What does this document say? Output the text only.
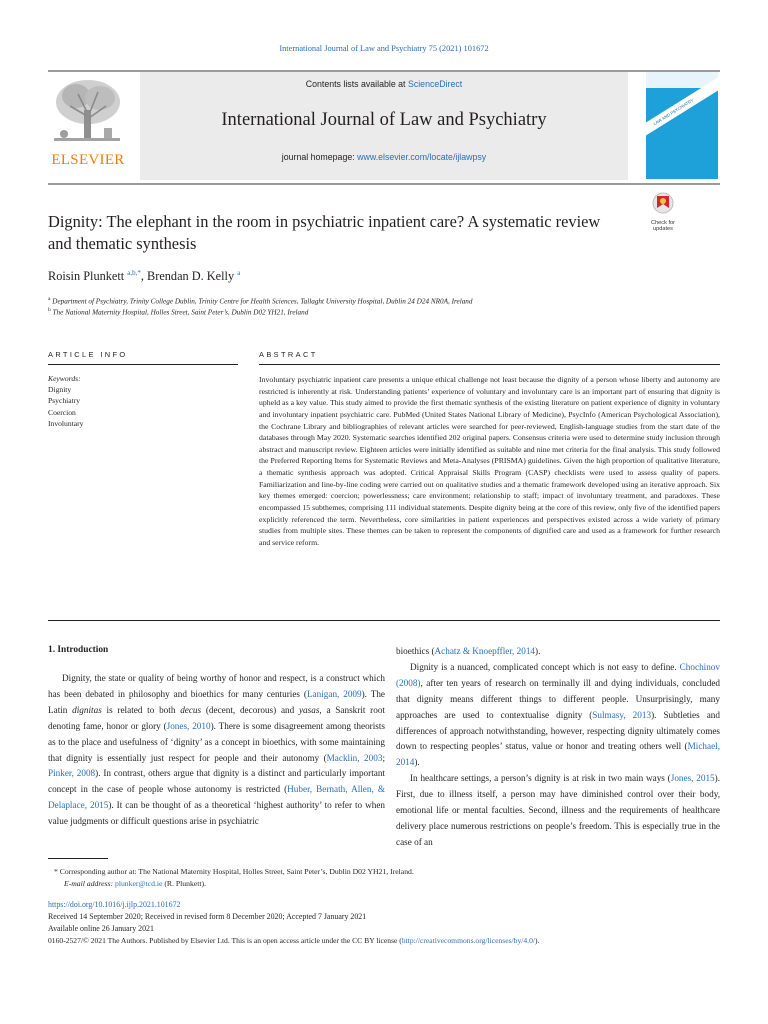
International Journal of Law and Psychiatry 75 (2021) 101672
ELSEVIER
Contents lists available at ScienceDirect
International Journal of Law and Psychiatry
journal homepage: www.elsevier.com/locate/ijlawpsy
LAW AND PSYCHIATRY
Dignity: The elephant in the room in psychiatric inpatient care? A systematic review and thematic synthesis
Check for
updates
Roisin Plunkett $^{a,b,*}$, Brendan D. Kelly $^a$
$^a$ Department of Psychiatry, Trinity College Dublin, Trinity Centre for Health Sciences, Tallaght University Hospital, Dublin 24 D24 NR0A, Ireland
$^b$ The National Maternity Hospital, Holles Street, Saint Peter’s, Dublin D02 YH21, Ireland
ARTICLE INFO	ABSTRACT
Keywords:
Dignity
Psychiatry
Coercion
Involuntary
Involuntary psychiatric inpatient care presents a unique ethical challenge not least because the dignity of a person whose liberty and autonomy are restricted is inherently at risk. Understanding patients’ experience of voluntary and involuntary care is an important part of ensuring that dignity is upheld as a key value. This study aimed to provide the first thematic synthesis of the existing literature on patient experience of dignity in voluntary and involuntary inpatient psychiatric care. PubMed (United States National Library of Medicine), PsycInfo (American Psychological Association), the Cochrane Library and bibliographies of relevant articles were searched for peer-reviewed, English-language studies from the start date of the databases through May 2020. Systematic searches identified 202 original papers. Consensus criteria were used to determine study inclusion through abstract and manuscript review. Eighteen articles were initially identified as suitable and nine met criteria for the final analysis. This study followed the Preferred Reporting Items for Systematic Reviews and Meta-Analyses (PRISMA) guidelines. Given the high proportion of qualitative literature, a thematic synthesis approach was adopted. Critical Appraisal Skills Program (CASP) checklists were used to assess quality of papers. Familiarization and line-by-line coding were carried out on qualitative studies and a thematic framework developed using an iterative approach. Six key themes emerged: coercion; powerlessness; care environment; relationship to staff; impact of involuntary treatment, and paradoxes. These encompassed 15 subthemes, comprising 111 individual statements. Despite dignity being at the core of this review, only five of the identified papers explicitly referenced the term. Nevertheless, core similarities in patient experiences and perspectives existed across a wide variety of primary studies from multiple sites. These themes can be taken to represent the components of dignified care and used as a framework for further research and service reform.
1. Introduction

Dignity, the state or quality of being worthy of honor and respect, is a construct which has been debated in philosophy and bioethics for many centuries (Lanigan, 2009). The Latin dignitas is related to both decus (decent, decorous) and yasas, a Sanskrit root denoting fame, honor or glory (Jones, 2010). There is some disagreement among theorists as to the place and usefulness of ‘dignity’ as a concept in bioethics, with some maintaining that dignity is essentially just respect for people and their autonomy (Macklin, 2003; Pinker, 2008). In contrast, others argue that dignity is a distinct and particularly important concept in the case of people whose autonomy is restricted (Huber, Bernath, Allen, & Delaplace, 2015). It can be thought of as a theoretical ‘highest authority’ to refer to when value judgments or difficult questions arise in psychiatric

bioethics (Achatz & Knoepffler, 2014).

Dignity is a nuanced, complicated concept which is not easy to define. Chochinov (2008), after ten years of research on terminally ill and dying individuals, concluded that dignity means different things to different people. Unsurprisingly, many approaches are used to contextualise dignity (Sulmasy, 2013). Subtleties and differences of approach notwithstanding, however, respecting dignity ultimately comes down to respecting peoples’ status, value or honor and treating others well (Michael, 2014).

In healthcare settings, a person’s dignity is at risk in two main ways (Jones, 2015). First, due to illness itself, a person may have diminished control over their body, emotional life or mental faculties. Second, illness and the requirements of healthcare delivery place numerous restrictions on people’s freedom. This is especially true in the case of an

* Corresponding author at: The National Maternity Hospital, Holles Street, Saint Peter’s, Dublin D02 YH21, Ireland.
E-mail address: plunker@tcd.ie (R. Plunkett).
https://doi.org/10.1016/j.ijlp.2021.101672
Received 14 September 2020; Received in revised form 8 December 2020; Accepted 7 January 2021
Available online 26 January 2021
0160-2527/© 2021 The Authors. Published by Elsevier Ltd. This is an open access article under the CC BY license (http://creativecommons.org/licenses/by/4.0/).
